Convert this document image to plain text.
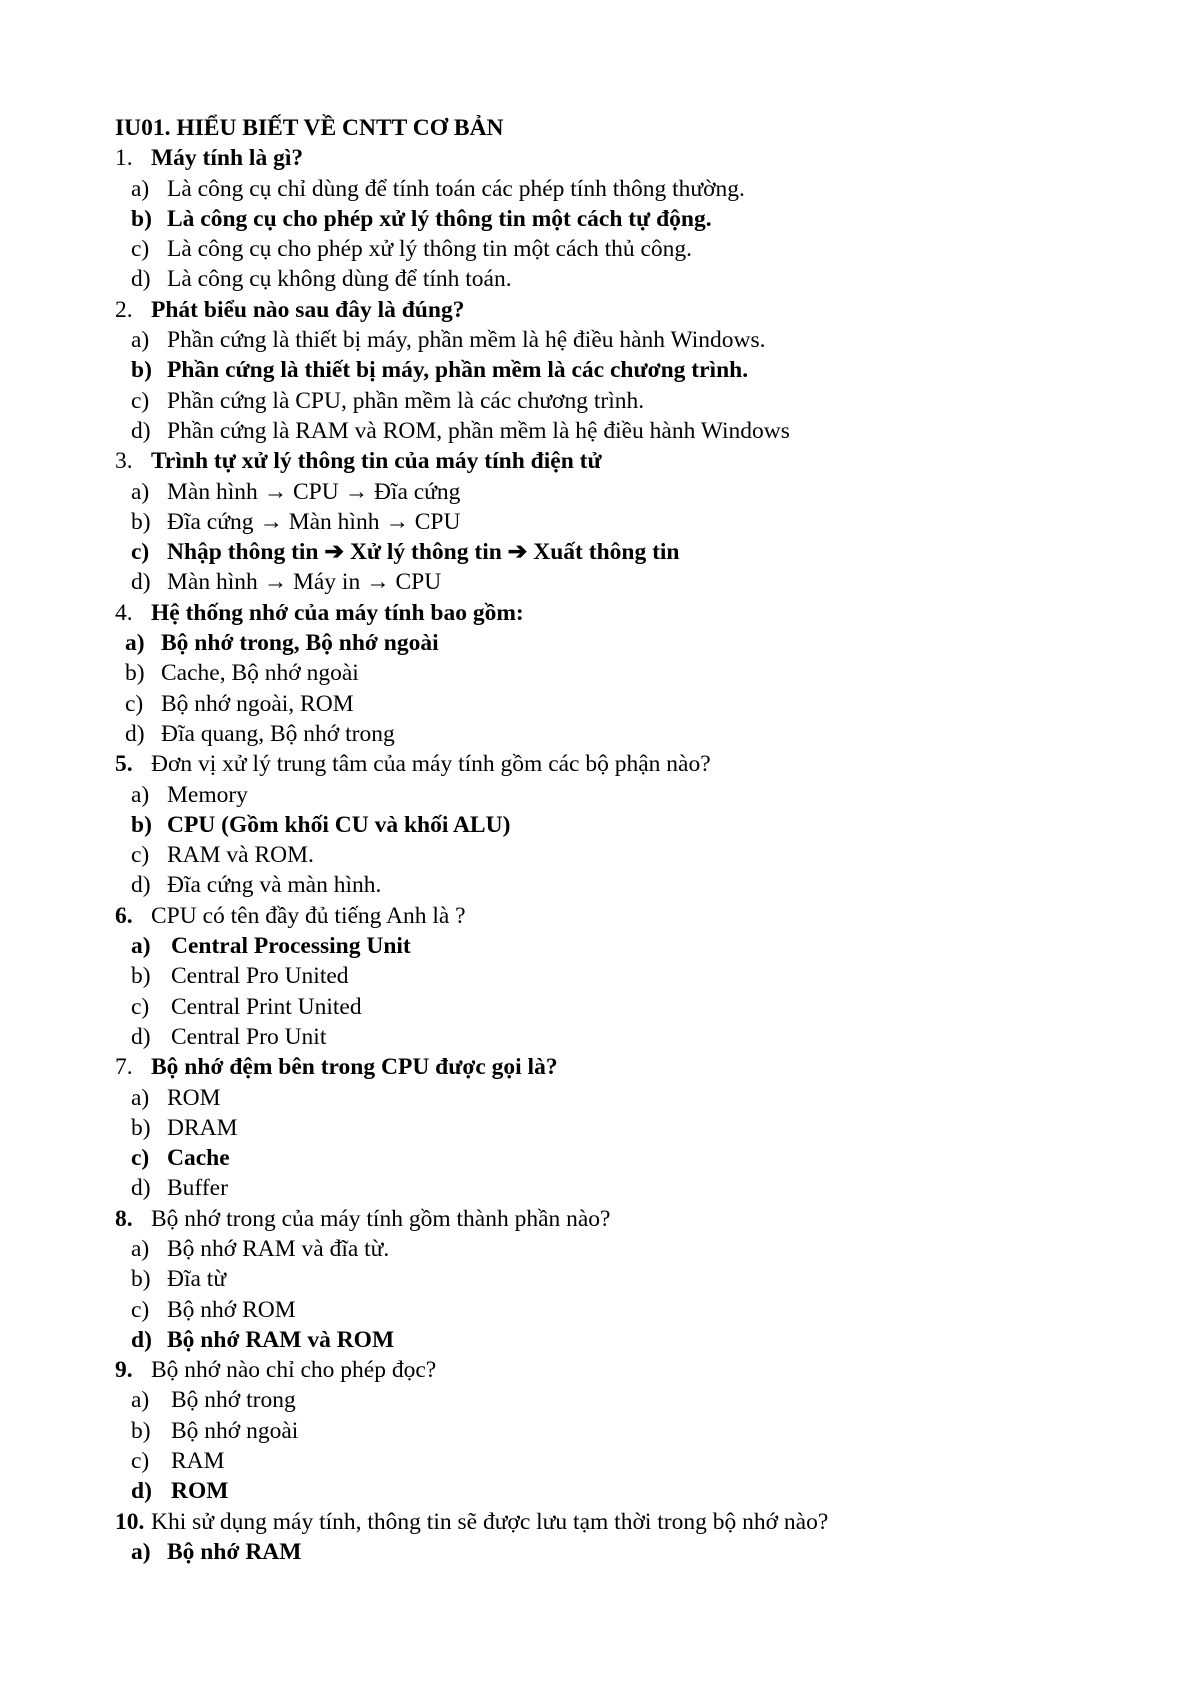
IU01. HIỂU BIẾT VỀ CNTT CƠ BẢN
1. Máy tính là gì?
a) Là công cụ chỉ dùng để tính toán các phép tính thông thường.
b) Là công cụ cho phép xử lý thông tin một cách tự động.
c) Là công cụ cho phép xử lý thông tin một cách thủ công.
d) Là công cụ không dùng để tính toán.
2. Phát biểu nào sau đây là đúng?
a) Phần cứng là thiết bị máy, phần mềm là hệ điều hành Windows.
b) Phần cứng là thiết bị máy, phần mềm là các chương trình.
c) Phần cứng là CPU, phần mềm là các chương trình.
d) Phần cứng là RAM và ROM, phần mềm là hệ điều hành Windows
3. Trình tự xử lý thông tin của máy tính điện tử
a) Màn hình → CPU → Đĩa cứng
b) Đĩa cứng → Màn hình → CPU
c) Nhập thông tin ➔ Xử lý thông tin ➔ Xuất thông tin
d) Màn hình → Máy in → CPU
4. Hệ thống nhớ của máy tính bao gồm:
a) Bộ nhớ trong, Bộ nhớ ngoài
b) Cache, Bộ nhớ ngoài
c) Bộ nhớ ngoài, ROM
d) Đĩa quang, Bộ nhớ trong
5. Đơn vị xử lý trung tâm của máy tính gồm các bộ phận nào?
a) Memory
b) CPU (Gồm khối CU và khối ALU)
c) RAM và ROM.
d) Đĩa cứng và màn hình.
6. CPU có tên đầy đủ tiếng Anh là ?
a) Central Processing Unit
b) Central Pro United
c) Central Print United
d) Central Pro Unit
7. Bộ nhớ đệm bên trong CPU được gọi là?
a) ROM
b) DRAM
c) Cache
d) Buffer
8. Bộ nhớ trong của máy tính gồm thành phần nào?
a) Bộ nhớ RAM và đĩa từ.
b) Đĩa từ
c) Bộ nhớ ROM
d) Bộ nhớ RAM và ROM
9. Bộ nhớ nào chỉ cho phép đọc?
a) Bộ nhớ trong
b) Bộ nhớ ngoài
c) RAM
d) ROM
10. Khi sử dụng máy tính, thông tin sẽ được lưu tạm thời trong bộ nhớ nào?
a) Bộ nhớ RAM
